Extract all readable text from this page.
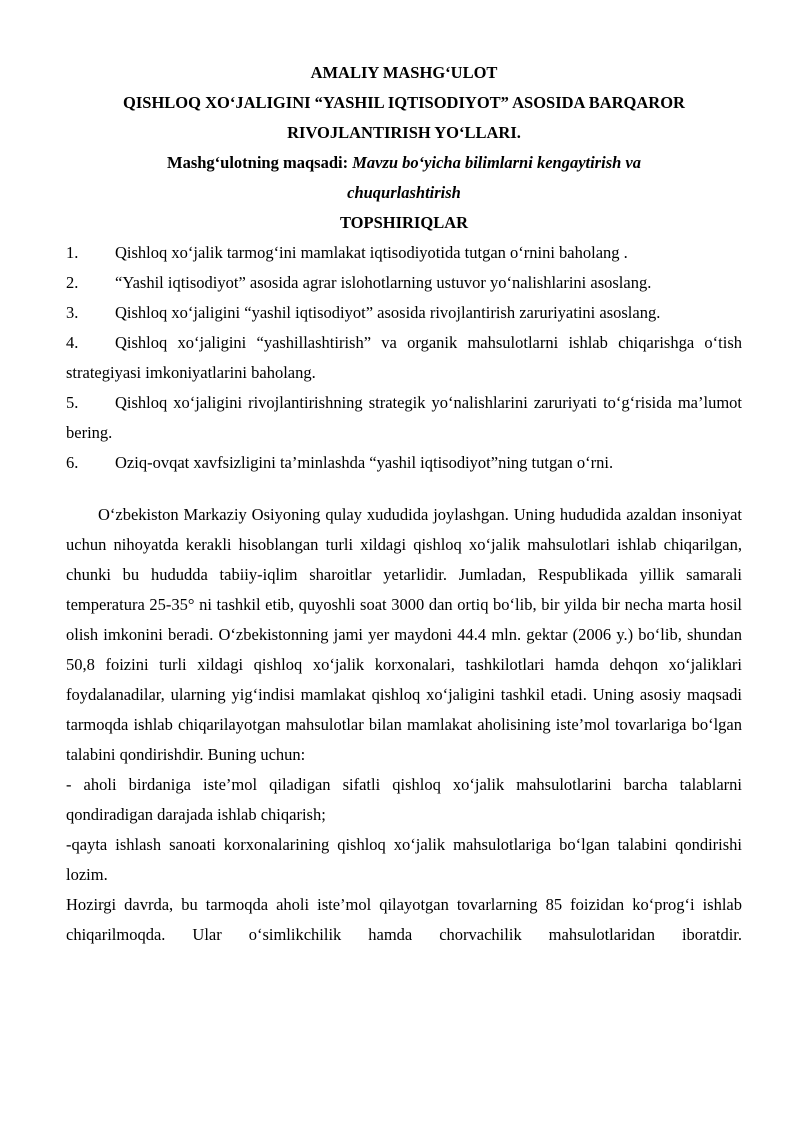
AMALIY MASHG‘ULOT
QISHLOQ XO‘JALIGINI “YASHIL IQTISODIYOT” ASOSIDA BARQAROR
RIVOJLANTIRISH YO‘LLARI.
Mashg‘ulotning maqsadi: Mavzu bo‘yicha bilimlarni kengaytirish va
chuqurlashtirish
TOPSHIRIQLAR
1. Qishloq xo‘jalik tarmog‘ini mamlakat iqtisodiyotida tutgan o‘rnini baholang .
2. “Yashil iqtisodiyot” asosida agrar islohotlarning ustuvor yo‘nalishlarini asoslang.
3. Qishloq xo‘jaligini “yashil iqtisodiyot” asosida rivojlantirish zaruriyatini asoslang.
4. Qishloq xo‘jaligini “yashillashtirish” va organik mahsulotlarni ishlab chiqarishga o‘tish strategiyasi imkoniyatlarini baholang.
5. Qishloq xo‘jaligini rivojlantirishning strategik yo‘nalishlarini zaruriyati to‘g‘risida ma’lumot bering.
6. Oziq-ovqat xavfsizligini ta’minlashda “yashil iqtisodiyot”ning tutgan o‘rni.

O‘zbekiston Markaziy Osiyoning qulay xududida joylashgan. Uning hududida azaldan insoniyat uchun nihoyatda kerakli hisoblangan turli xildagi qishloq xo‘jalik mahsulotlari ishlab chiqarilgan, chunki bu hududda tabiiy-iqlim sharoitlar yetarlidir. Jumladan, Respublikada yillik samarali temperatura 25-35° ni tashkil etib, quyoshli soat 3000 dan ortiq bo‘lib, bir yilda bir necha marta hosil olish imkonini beradi. O‘zbekistonning jami yer maydoni 44.4 mln. gektar (2006 y.) bo‘lib, shundan 50,8 foizini turli xildagi qishloq xo‘jalik korxonalari, tashkilotlari hamda dehqon xo‘jaliklari foydalanadilar, ularning yig‘indisi mamlakat qishloq xo‘jaligini tashkil etadi. Uning asosiy maqsadi tarmoqda ishlab chiqarilayotgan mahsulotlar bilan mamlakat aholisining iste’mol tovarlariga bo‘lgan talabini qondirishdir. Buning uchun:

- aholi birdaniga iste’mol qiladigan sifatli qishloq xo‘jalik mahsulotlarini barcha talablarni qondiradigan darajada ishlab chiqarish;

-qayta ishlash sanoati korxonalarining qishloq xo‘jalik mahsulotlariga bo‘lgan talabini qondirishi lozim.

Hozirgi davrda, bu tarmoqda aholi iste’mol qilayotgan tovarlarning 85 foizidan ko‘prog‘i ishlab chiqarilmoqda. Ular o‘simlikchilik hamda chorvachilik mahsulotlaridan iboratdir.
